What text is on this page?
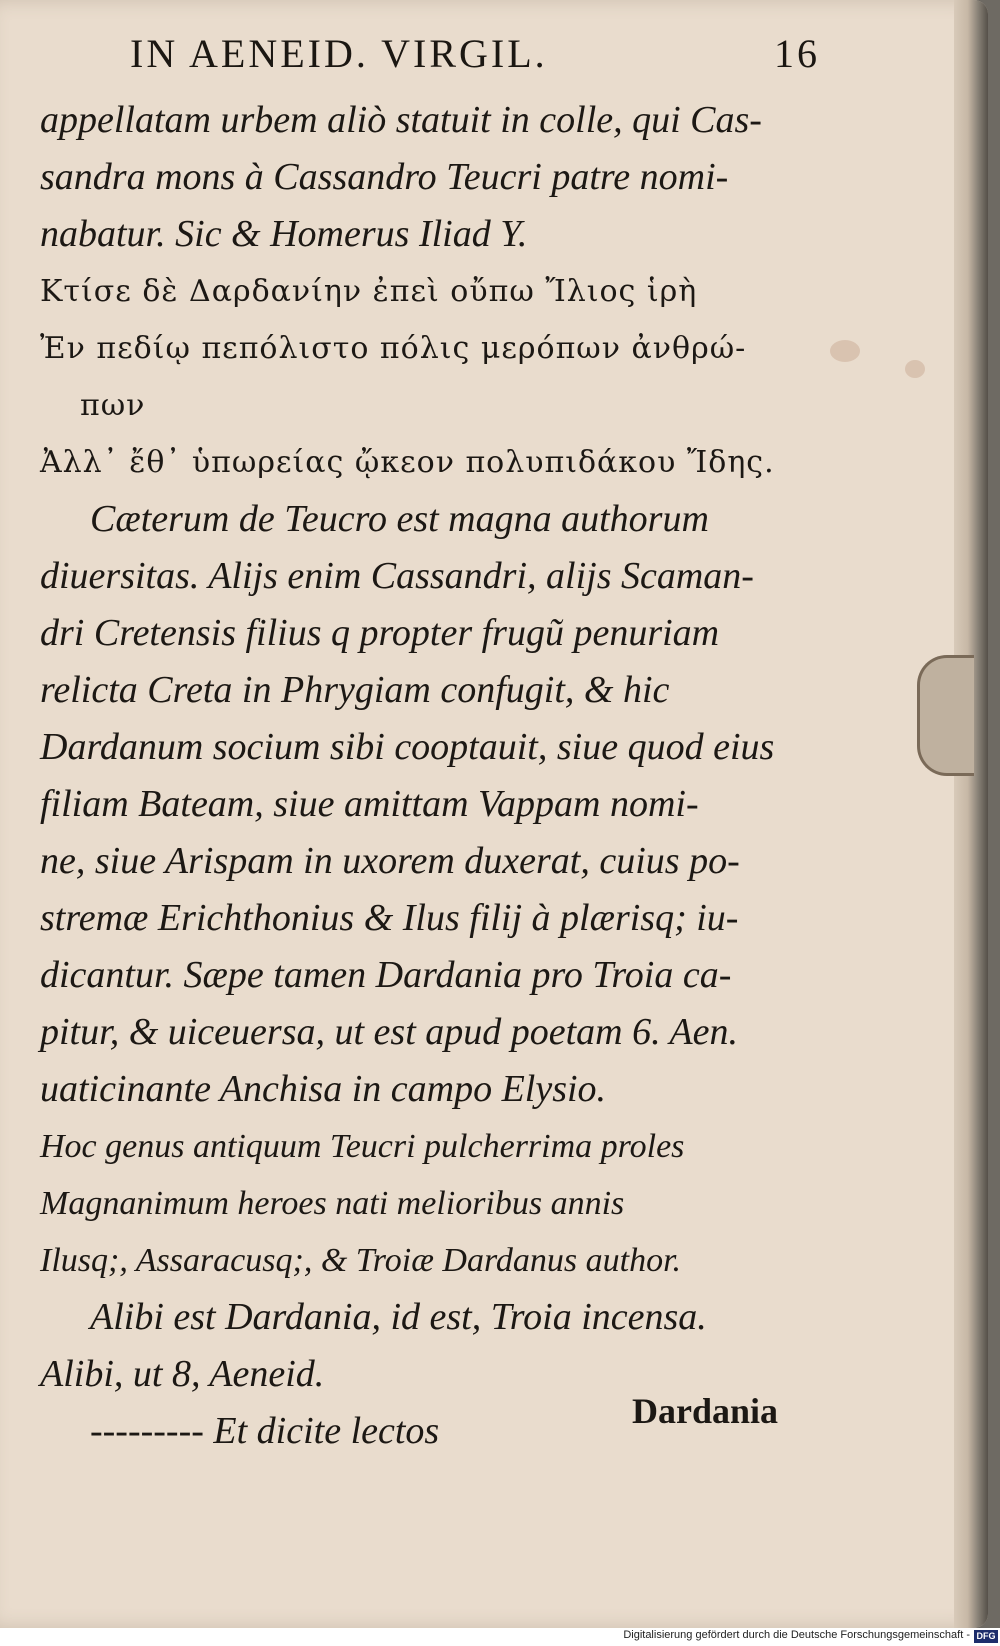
IN AENEID. VIRGIL.	16
appellatam urbem aliò statuit in colle, qui Cas-
sandra mons à Cassandro Teucri patre nomi-
nabatur. Sic & Homerus Iliad Y.
Κτίσε δὲ Δαρδανίην ἐπεὶ οὔπω Ἴλιος ἱρὴ
Ἐν πεδίῳ πεπόλιστο πόλις μερόπων ἀνθρώ-
πων
Ἀλλ᾽ ἔθ᾽ ὑπωρείας ᾤκεον πολυπιδάκου Ἴδης.
Cæterum de Teucro est magna authorum
diuersitas. Alijs enim Cassandri, alijs Scaman-
dri Cretensis filius q propter frugũ penuriam
relicta Creta in Phrygiam confugit, & hic
Dardanum socium sibi cooptauit, siue quod eius
filiam Bateam, siue amittam Vappam nomi-
ne, siue Arispam in uxorem duxerat, cuius po-
stremæ Erichthonius & Ilus filij à plærisq; iu-
dicantur. Sæpe tamen Dardania pro Troia ca-
pitur, & uiceuersa, ut est apud poetam 6. Aen.
uaticinante Anchisa in campo Elysio.
Hoc genus antiquum Teucri pulcherrima proles
Magnanimum heroes nati melioribus annis
Ilusq;, Assaracusq;, & Troiæ Dardanus author.
Alibi est Dardania, id est, Troia incensa.
Alibi, ut 8, Aeneid.
--------- Et dicite lectos	Dardania
Digitalisierung gefördert durch die Deutsche Forschungsgemeinschaft - DFG
